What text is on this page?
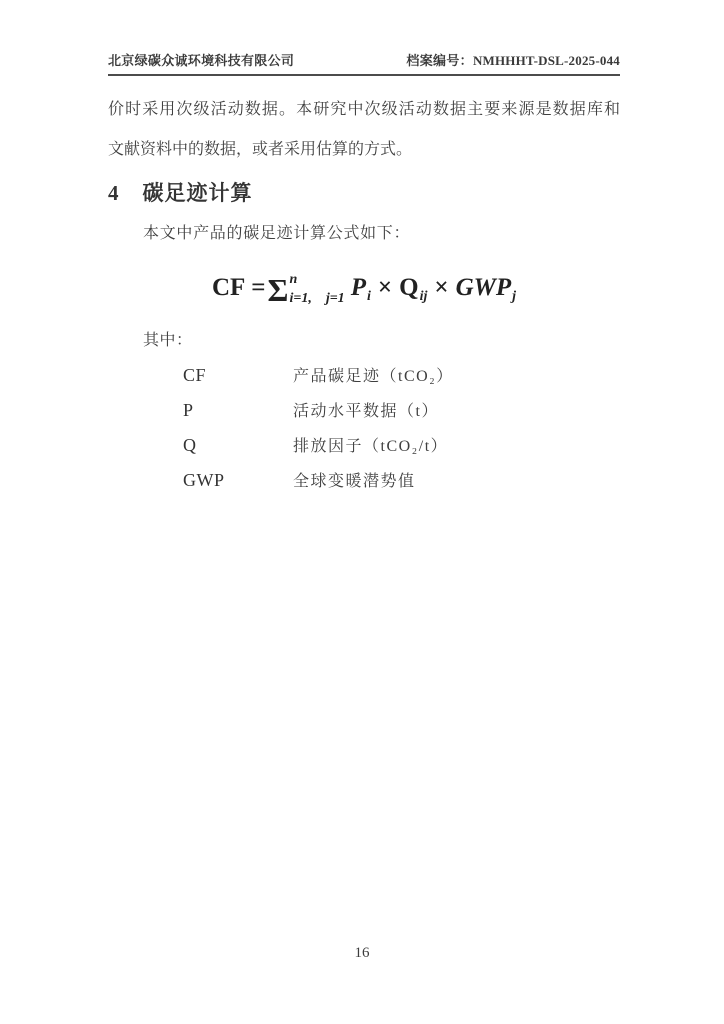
北京绿碳众诚环境科技有限公司	档案编号：NMHHHT-DSL-2025-044
价时采用次级活动数据。本研究中次级活动数据主要来源是数据库和
文献资料中的数据，或者采用估算的方式。
4 碳足迹计算
本文中产品的碳足迹计算公式如下：
CF = Σ n
i=1,　j=1 $P_i \times Q_{ij} \times GWP_j$
其中：
CF	产品碳足迹（tCO₂）
P	活动水平数据（t）
Q	排放因子（tCO₂/t）
GWP	全球变暖潜势值
16
